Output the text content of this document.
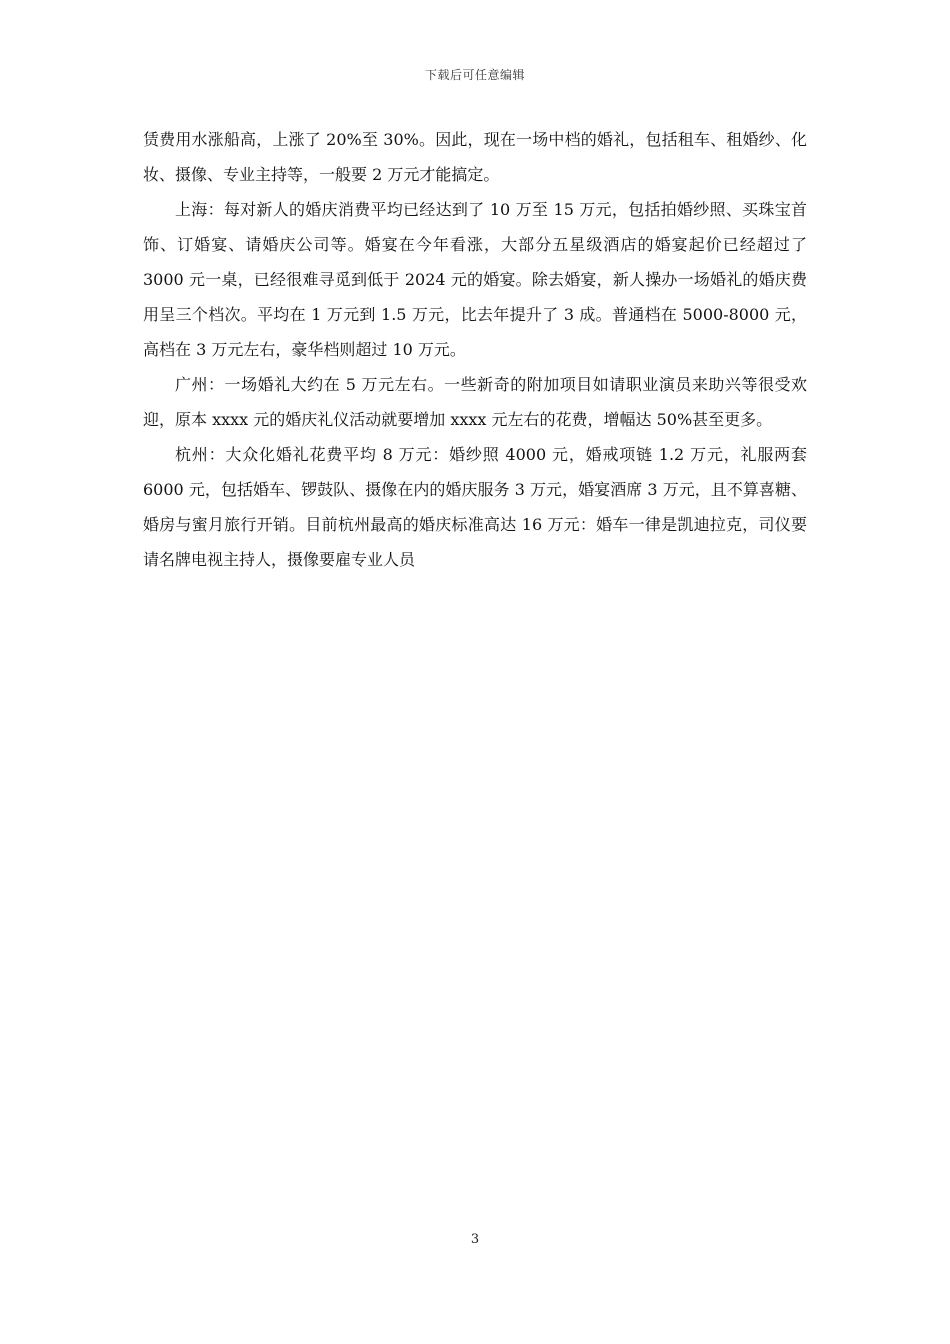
下载后可任意编辑

赁费用水涨船高，上涨了 20%至 30%。因此，现在一场中档的婚礼，包括租车、租婚纱、化妆、摄像、专业主持等，一般要 2 万元才能搞定。

上海：每对新人的婚庆消费平均已经达到了 10 万至 15 万元，包括拍婚纱照、买珠宝首饰、订婚宴、请婚庆公司等。婚宴在今年看涨，大部分五星级酒店的婚宴起价已经超过了 3000 元一桌，已经很难寻觅到低于 2024 元的婚宴。除去婚宴，新人操办一场婚礼的婚庆费用呈三个档次。平均在 1 万元到 1.5 万元，比去年提升了 3 成。普通档在 5000-8000 元，高档在 3 万元左右，豪华档则超过 10 万元。

广州：一场婚礼大约在 5 万元左右。一些新奇的附加项目如请职业演员来助兴等很受欢迎，原本 xxxx 元的婚庆礼仪活动就要增加 xxxx 元左右的花费，增幅达 50%甚至更多。

杭州：大众化婚礼花费平均 8 万元：婚纱照 4000 元，婚戒项链 1.2 万元，礼服两套 6000 元，包括婚车、锣鼓队、摄像在内的婚庆服务 3 万元，婚宴酒席 3 万元，且不算喜糖、婚房与蜜月旅行开销。目前杭州最高的婚庆标准高达 16 万元：婚车一律是凯迪拉克，司仪要请名牌电视主持人，摄像要雇专业人员

3
